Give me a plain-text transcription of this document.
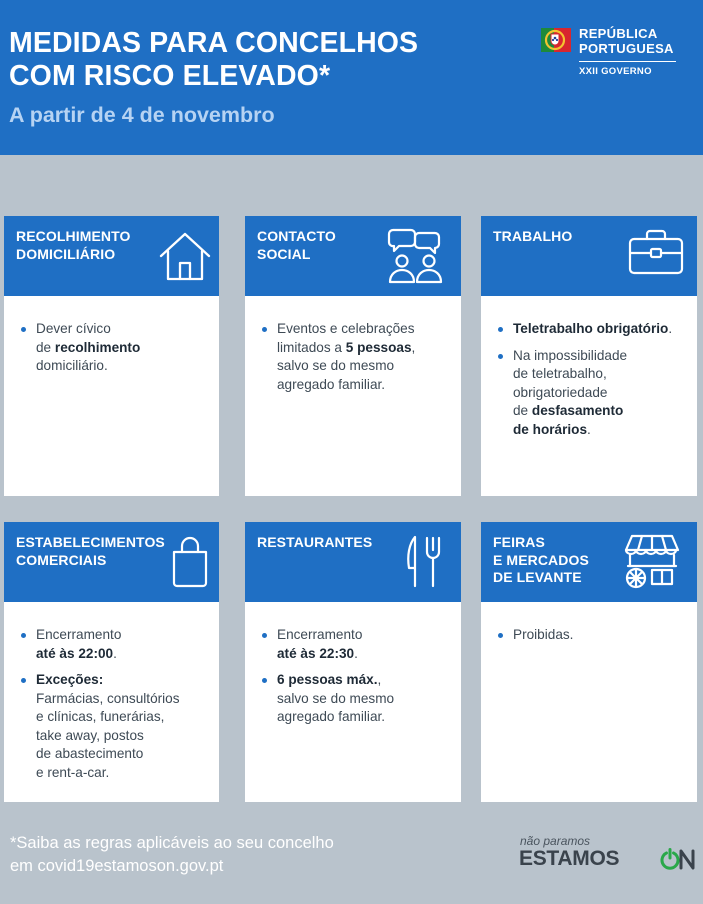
MEDIDAS PARA CONCELHOS
COM RISCO ELEVADO*
A partir de 4 de novembro
REPÚBLICA
PORTUGUESA
XXII GOVERNO
RECOLHIMENTO
DOMICILIÁRIO

Dever cívico
de recolhimento
domiciliário.

CONTACTO
SOCIAL

Eventos e celebrações
limitados a 5 pessoas,
salvo se do mesmo
agregado familiar.

TRABALHO

Teletrabalho obrigatório.

Na impossibilidade
de teletrabalho,
obrigatoriedade
de desfasamento
de horários.

ESTABELECIMENTOS
COMERCIAIS

Encerramento
até às 22:00.

Exceções:
Farmácias, consultórios
e clínicas, funerárias,
take away, postos
de abastecimento
e rent-a-car.

RESTAURANTES

Encerramento
até às 22:30.

6 pessoas máx.,
salvo se do mesmo
agregado familiar.

FEIRAS
E MERCADOS
DE LEVANTE

Proibidas.

*Saiba as regras aplicáveis ao seu concelho
em covid19estamoson.gov.pt
não paramos
ESTAMOS
